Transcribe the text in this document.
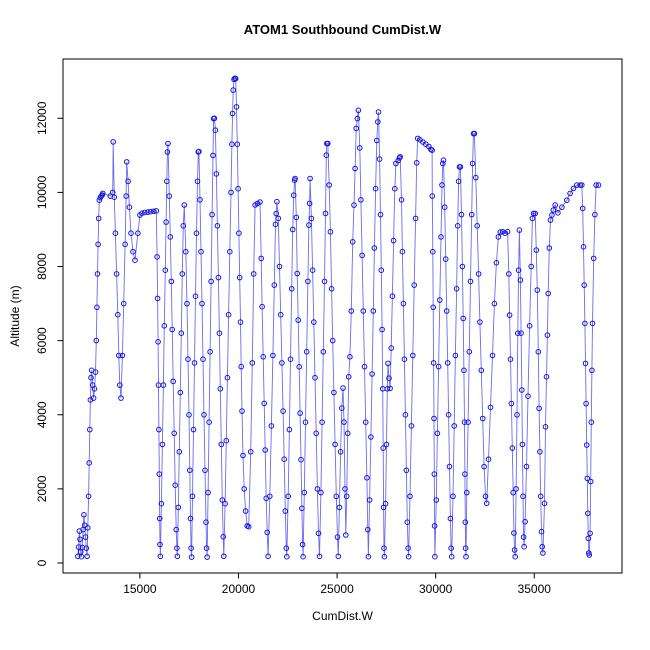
ATOM1 Southbound CumDist.W
Altitude (m)
CumDist.W
15000	20000	25000	30000	35000
0
2000
4000
6000
8000
10000
12000
